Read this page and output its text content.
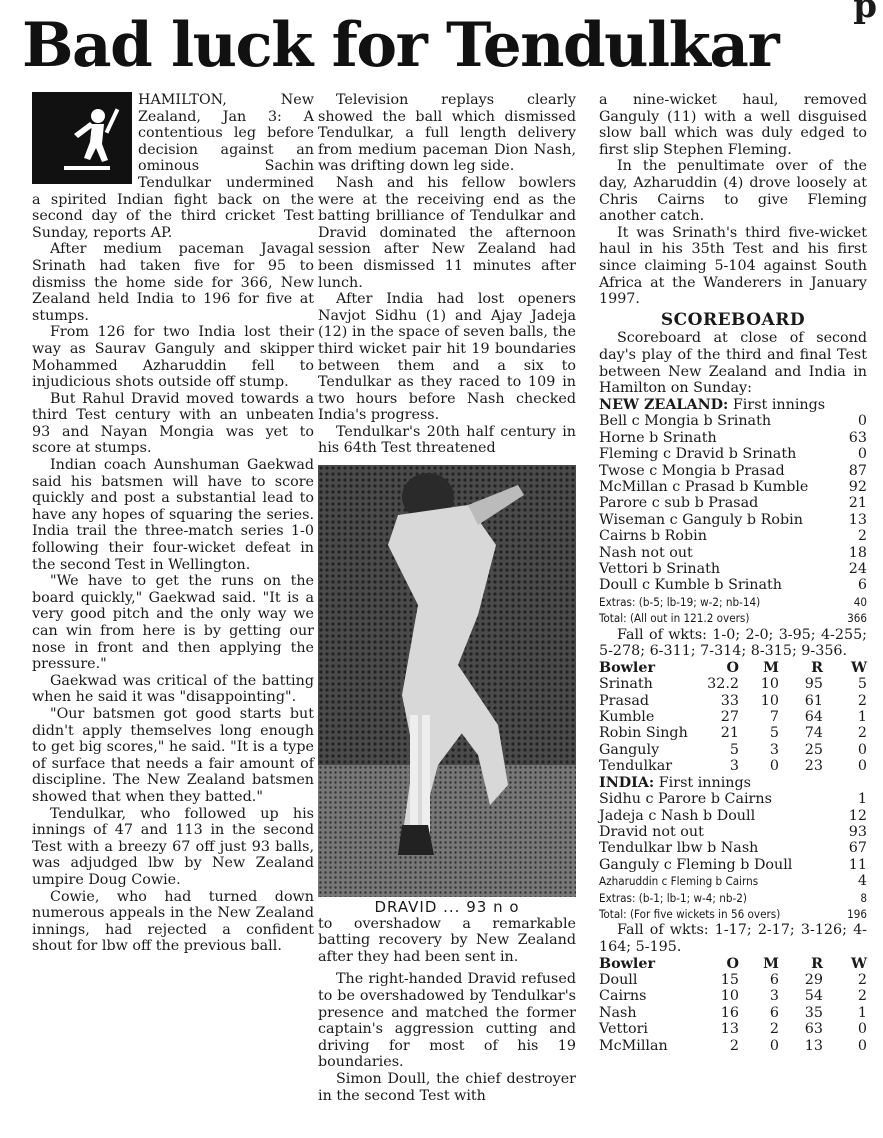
p
Bad luck for Tendulkar

HAMILTON, New Zealand, Jan 3: A contentious leg before decision against an ominous Sachin Tendulkar undermined a spirited Indian fight back on the second day of the third cricket Test Sunday, reports AP.

After medium paceman Javagal Srinath had taken five for 95 to dismiss the home side for 366, New Zealand held India to 196 for five at stumps.

From 126 for two India lost their way as Saurav Ganguly and skipper Mohammed Azharuddin fell to injudicious shots outside off stump.

But Rahul Dravid moved towards a third Test century with an unbeaten 93 and Nayan Mongia was yet to score at stumps.

Indian coach Aunshuman Gaekwad said his batsmen will have to score quickly and post a substantial lead to have any hopes of squaring the series. India trail the three-match series 1-0 following their four-wicket defeat in the second Test in Wellington.

"We have to get the runs on the board quickly," Gaekwad said. "It is a very good pitch and the only way we can win from here is by getting our nose in front and then applying the pressure."

Gaekwad was critical of the batting when he said it was "disappointing".

"Our batsmen got good starts but didn't apply themselves long enough to get big scores," he said. "It is a type of surface that needs a fair amount of discipline. The New Zealand batsmen showed that when they batted."

Tendulkar, who followed up his innings of 47 and 113 in the second Test with a breezy 67 off just 93 balls, was adjudged lbw by New Zealand umpire Doug Cowie.

Cowie, who had turned down numerous appeals in the New Zealand innings, had rejected a confident shout for lbw off the previous ball.

Television replays clearly showed the ball which dismissed Tendulkar, a full length delivery from medium paceman Dion Nash, was drifting down leg side.

Nash and his fellow bowlers were at the receiving end as the batting brilliance of Tendulkar and Dravid dominated the afternoon session after New Zealand had been dismissed 11 minutes after lunch.

After India had lost openers Navjot Sidhu (1) and Ajay Jadeja (12) in the space of seven balls, the third wicket pair hit 19 boundaries between them and a six to Tendulkar as they raced to 109 in two hours before Nash checked India's progress.

Tendulkar's 20th half century in his 64th Test threatened

DRAVID ... 93 n o

to overshadow a remarkable batting recovery by New Zealand after they had been sent in.

The right-handed Dravid refused to be overshadowed by Tendulkar's presence and matched the former captain's aggression cutting and driving for most of his 19 boundaries.

Simon Doull, the chief destroyer in the second Test with

a nine-wicket haul, removed Ganguly (11) with a well disguised slow ball which was duly edged to first slip Stephen Fleming.

In the penultimate over of the day, Azharuddin (4) drove loosely at Chris Cairns to give Fleming another catch.

It was Srinath's third five-wicket haul in his 35th Test and his first since claiming 5-104 against South Africa at the Wanderers in January 1997.

SCOREBOARD

Scoreboard at close of second day's play of the third and final Test between New Zealand and India in Hamilton on Sunday:

NEW ZEALAND: First innings

Bell c Mongia b Srinath	0
Horne b Srinath	63
Fleming c Dravid b Srinath	0
Twose c Mongia b Prasad	87
McMillan c Prasad b Kumble	92
Parore c sub b Prasad	21
Wiseman c Ganguly b Robin	13
Cairns b Robin	2
Nash not out	18
Vettori b Srinath	24
Doull c Kumble b Srinath	6
Extras: (b-5; lb-19; w-2; nb-14)	40
Total: (All out in 121.2 overs)	366

Fall of wkts: 1-0; 2-0; 3-95; 4-255; 5-278; 6-311; 7-314; 8-315; 9-356.

Bowler	O	M	R	W
Srinath	32.2	10	95	5
Prasad	33	10	61	2
Kumble	27	7	64	1
Robin Singh	21	5	74	2
Ganguly	5	3	25	0
Tendulkar	3	0	23	0

INDIA: First innings

Sidhu c Parore b Cairns	1
Jadeja c Nash b Doull	12
Dravid not out	93
Tendulkar lbw b Nash	67
Ganguly c Fleming b Doull	11
Azharuddin c Fleming b Cairns	4
Extras: (b-1; lb-1; w-4; nb-2)	8
Total: (For five wickets in 56 overs)	196

Fall of wkts: 1-17; 2-17; 3-126; 4-164; 5-195.

Bowler	O	M	R	W
Doull	15	6	29	2
Cairns	10	3	54	2
Nash	16	6	35	1
Vettori	13	2	63	0
McMillan	2	0	13	0
